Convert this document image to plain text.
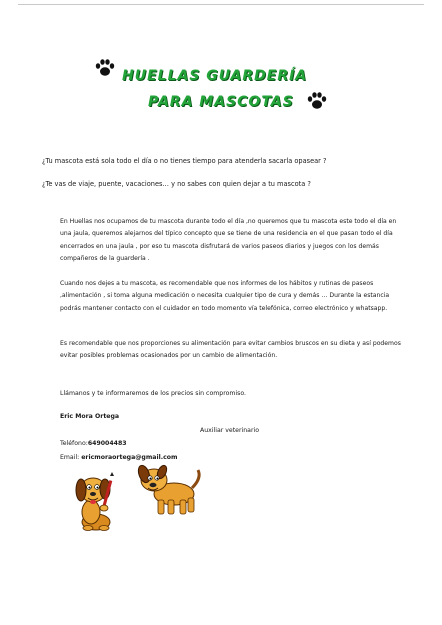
HUELLAS GUARDERÍA
PARA MASCOTAS
¿Tu mascota está sola todo el día o no tienes tiempo para atenderla sacarla opasear ?
¿Te vas de viaje, puente, vacaciones… y no sabes con quien dejar a tu mascota ?
En Huellas nos ocupamos de tu mascota durante todo el día ,no queremos que tu mascota este todo el día en una jaula, queremos alejarnos del típico concepto que se tiene de una residencia en el que pasan todo el día encerrados en una jaula , por eso tu mascota disfrutará de varios paseos diarios y juegos con los demás compañeros de la guardería .
Cuando nos dejes a tu mascota, es recomendable que nos informes de los hábitos y rutinas de paseos ,alimentación , si toma alguna medicación o necesita cualquier tipo de cura y demás … Durante la estancia podrás mantener contacto con el cuidador en todo momento vía telefónica, correo electrónico y whatsapp.
Es recomendable que nos proporciones su alimentación para evitar cambios bruscos en su dieta y así podemos evitar posibles problemas ocasionados por un cambio de alimentación.
Llámanos y te informaremos de los precios sin compromiso.
Eric Mora Ortega
Auxiliar veterinario
Teléfono:649004483
Email: ericmoraortega@gmail.com
